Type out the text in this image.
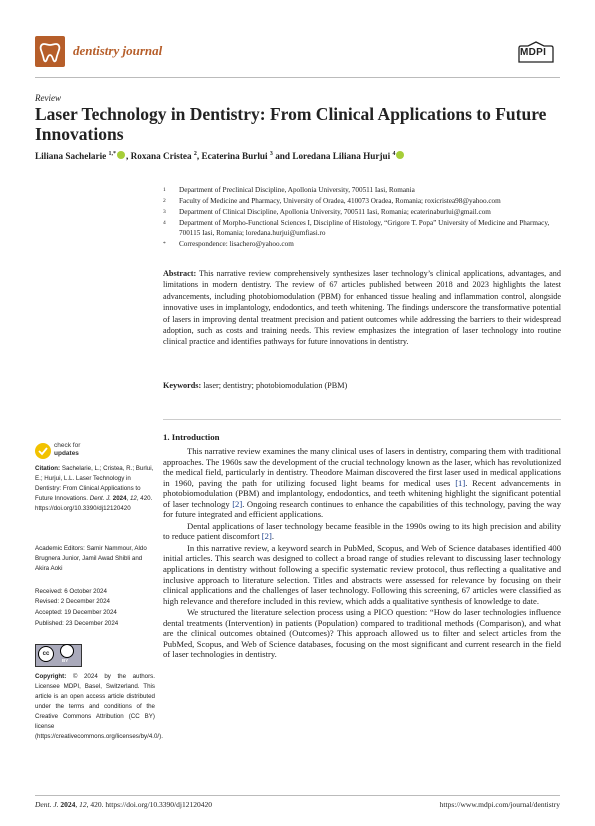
dentistry journal	MDPI
Review
Laser Technology in Dentistry: From Clinical Applications to Future Innovations
Liliana Sachelarie $^{1,*}$ , Roxana Cristea $^2$, Ecaterina Burlui $^3$ and Loredana Liliana Hurjui $^4$
1 Department of Preclinical Discipline, Apollonia University, 700511 Iasi, Romania
2 Faculty of Medicine and Pharmacy, University of Oradea, 410073 Oradea, Romania; roxicristea98@yahoo.com
3 Department of Clinical Discipline, Apollonia University, 700511 Iasi, Romania; ecaterinaburlui@gmail.com
4 Department of Morpho-Functional Sciences I, Discipline of Histology, “Grigore T. Popa” University of Medicine and Pharmacy, 700115 Iasi, Romania; loredana.hurjui@umfiasi.ro
* Correspondence: lisachero@yahoo.com
Abstract: This narrative review comprehensively synthesizes laser technology’s clinical applications, advantages, and limitations in modern dentistry. The review of 67 articles published between 2018 and 2023 highlights the latest advancements, including photobiomodulation (PBM) for enhanced tissue healing and inflammation control, alongside innovative uses in implantology, endodontics, and teeth whitening. The findings underscore the transformative potential of lasers in improving dental treatment precision and patient outcomes while addressing the barriers to their widespread adoption, such as costs and training needs. This review emphasizes the integration of laser technology into routine clinical practice and identifies pathways for future innovations in dentistry.
Keywords: laser; dentistry; photobiomodulation (PBM)
1. Introduction

This narrative review examines the many clinical uses of lasers in dentistry, comparing them with traditional approaches. The 1960s saw the development of the crucial technology known as the laser, which has revolutionized the medical field, particularly in dentistry. Theodore Maiman discovered the first laser used in medical applications in 1960, paving the path for utilizing focused light beams for medical uses [1]. Recent advancements in photobiomodulation (PBM) and implantology, endodontics, and teeth whitening highlight the significant potential of laser technology [2]. Ongoing research continues to enhance the capabilities of this technology, paving the way for future integrated and efficient applications.

Dental applications of laser technology became feasible in the 1990s owing to its high precision and ability to reduce patient discomfort [2].

In this narrative review, a keyword search in PubMed, Scopus, and Web of Science databases identified 400 initial articles. This search was designed to collect a broad range of studies relevant to discussing laser technology applications in dentistry without following a specific systematic review protocol, thus reflecting a qualitative and inclusive approach to literature selection. Titles and abstracts were assessed for relevance by focusing on their clinical applications and the challenges of laser technology. Following this screening, 67 articles were classified as high relevance and therefore included in this review, which adds a qualitative synthesis of knowledge to date.

We structured the literature selection process using a PICO question: “How do laser technologies influence dental treatments (Intervention) in patients (Population) compared to traditional methods (Comparison), and what are the clinical outcomes obtained (Outcomes)? This approach allowed us to filter and select articles from the PubMed, Scopus, and Web of Science databases, focusing on the most significant and current research in the field of laser technologies in dentistry.

check for
updates
Citation: Sachelarie, L.; Cristea, R.; Burlui, E.; Hurjui, L.L. Laser Technology in Dentistry: From Clinical Applications to Future Innovations. Dent. J. 2024, 12, 420. https://doi.org/10.3390/dj12120420
Academic Editors: Samir Nammour, Aldo Brugnera Junior, Jamil Awad Shibli and Akira Aoki
Received: 6 October 2024
Revised: 2 December 2024
Accepted: 19 December 2024
Published: 23 December 2024
cc
BY
Copyright: © 2024 by the authors. Licensee MDPI, Basel, Switzerland. This article is an open access article distributed under the terms and conditions of the Creative Commons Attribution (CC BY) license (https://creativecommons.org/licenses/by/4.0/).
Dent. J. 2024, 12, 420. https://doi.org/10.3390/dj12120420	https://www.mdpi.com/journal/dentistry
